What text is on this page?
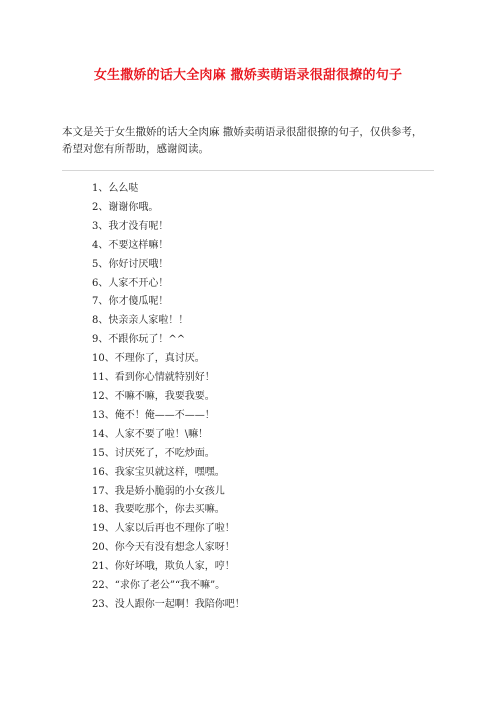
女生撒娇的话大全肉麻 撒娇卖萌语录很甜很撩的句子
本文是关于女生撒娇的话大全肉麻 撒娇卖萌语录很甜很撩的句子，仅供参考，希望对您有所帮助，感谢阅读。
1、么么哒
2、谢谢你哦。
3、我才没有呢！
4、不要这样嘛！
5、你好讨厌哦！
6、人家不开心！
7、你才傻瓜呢！
8、快亲亲人家啦！！
9、不跟你玩了！^^
10、不理你了，真讨厌。
11、看到你心情就特别好！
12、不嘛不嘛，我要我要。
13、俺不！俺——不——！
14、人家不要了啦！\嘛！
15、讨厌死了，不吃炒面。
16、我家宝贝就这样，嘿嘿。
17、我是娇小脆弱的小女孩儿
18、我要吃那个，你去买嘛。
19、人家以后再也不理你了啦！
20、你今天有没有想念人家呀！
21、你好坏哦，欺负人家，哼！
22、“求你了老公”“我不嘛”。
23、没人跟你一起啊！我陪你吧！
